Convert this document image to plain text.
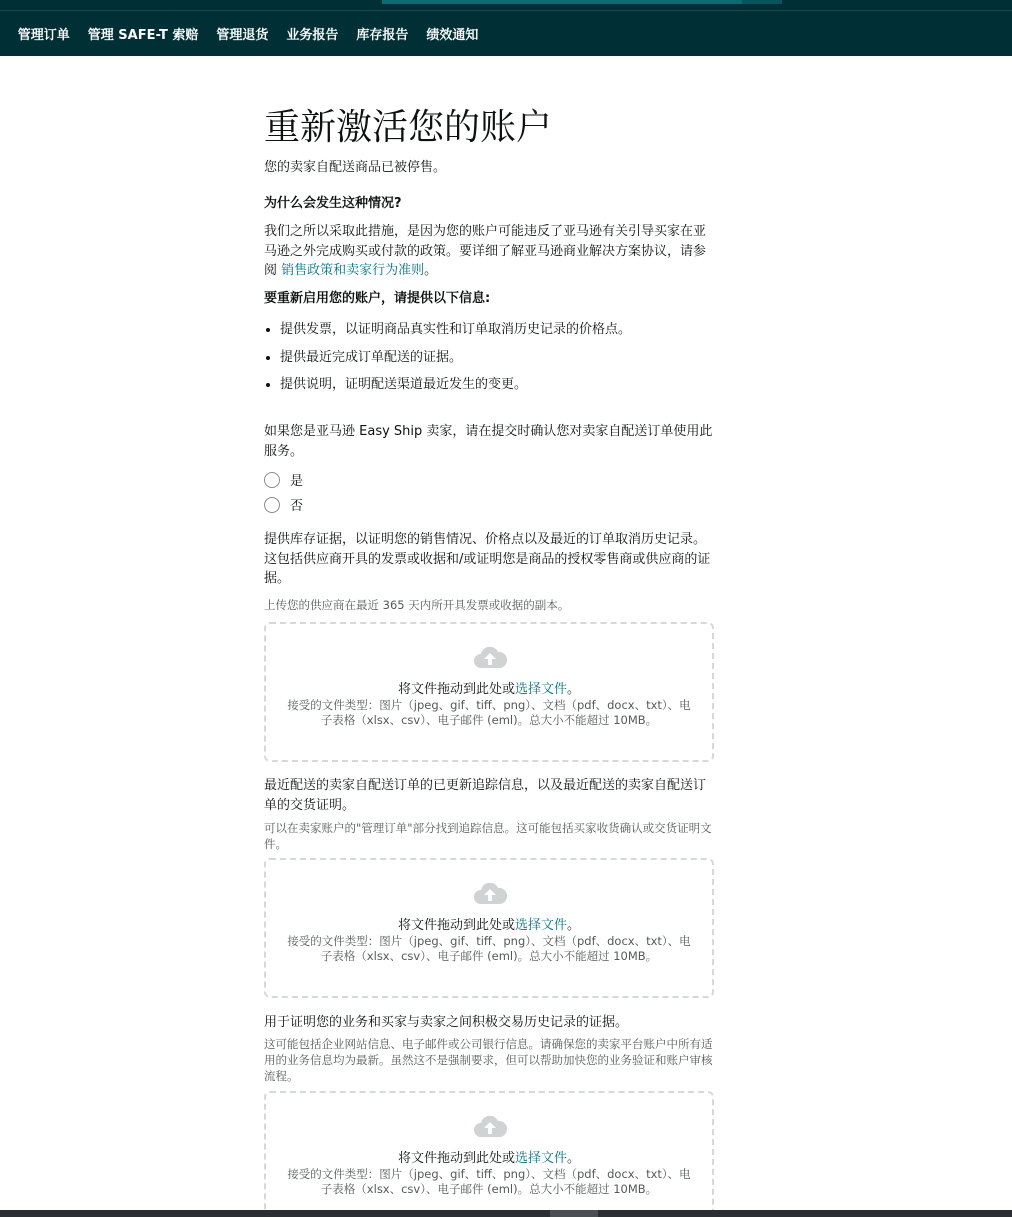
管理订单 管理 SAFE-T 索赔 管理退货 业务报告 库存报告 绩效通知
重新激活您的账户
您的卖家自配送商品已被停售。
为什么会发生这种情况?
我们之所以采取此措施，是因为您的账户可能违反了亚马逊有关引导买家在亚马逊之外完成购买或付款的政策。要详细了解亚马逊商业解决方案协议，请参阅 销售政策和卖家行为准则。
要重新启用您的账户，请提供以下信息:
提供发票，以证明商品真实性和订单取消历史记录的价格点。
提供最近完成订单配送的证据。
提供说明，证明配送渠道最近发生的变更。
如果您是亚马逊 Easy Ship 卖家，请在提交时确认您对卖家自配送订单使用此服务。
是
否
提供库存证据，以证明您的销售情况、价格点以及最近的订单取消历史记录。这包括供应商开具的发票或收据和/或证明您是商品的授权零售商或供应商的证据。
上传您的供应商在最近 365 天内所开具发票或收据的副本。
将文件拖动到此处或选择文件。
接受的文件类型：图片（jpeg、gif、tiff、png）、文档（pdf、docx、txt）、电子表格（xlsx、csv）、电子邮件 (eml)。总大小不能超过 10MB。
最近配送的卖家自配送订单的已更新追踪信息，以及最近配送的卖家自配送订单的交货证明。
可以在卖家账户的"管理订单"部分找到追踪信息。这可能包括买家收货确认或交货证明文件。
将文件拖动到此处或选择文件。
接受的文件类型：图片（jpeg、gif、tiff、png）、文档（pdf、docx、txt）、电子表格（xlsx、csv）、电子邮件 (eml)。总大小不能超过 10MB。
用于证明您的业务和买家与卖家之间积极交易历史记录的证据。
这可能包括企业网站信息、电子邮件或公司银行信息。请确保您的卖家平台账户中所有适用的业务信息均为最新。虽然这不是强制要求，但可以帮助加快您的业务验证和账户审核流程。
将文件拖动到此处或选择文件。
接受的文件类型：图片（jpeg、gif、tiff、png）、文档（pdf、docx、txt）、电子表格（xlsx、csv）、电子邮件 (eml)。总大小不能超过 10MB。
